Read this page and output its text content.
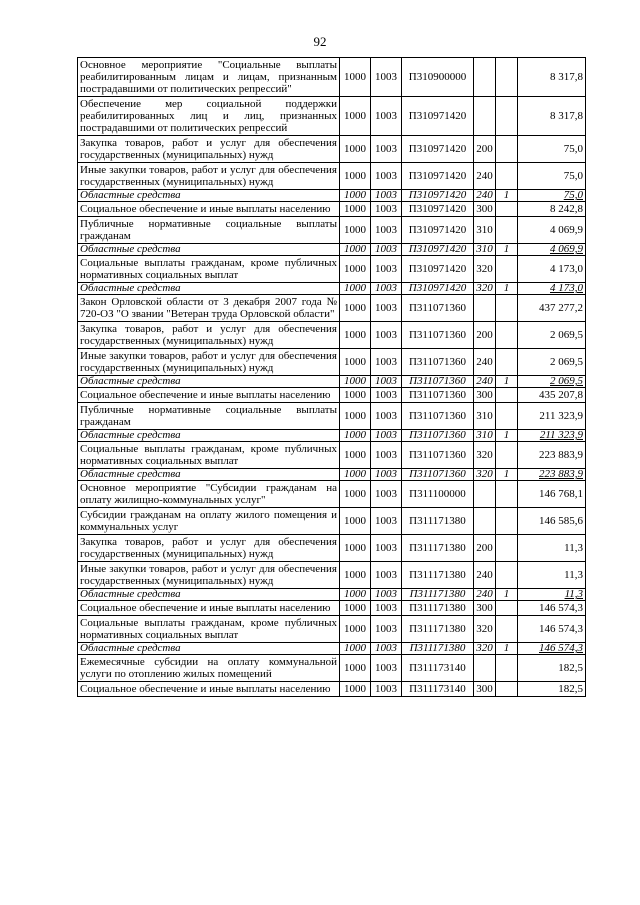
92
Основное мероприятие "Социальные выплаты реабилитированным лицам и лицам, признанным пострадавшими от политических репрессий"	1000	1003	П310900000			8 317,8
Обеспечение мер социальной поддержки реабилитированных лиц и лиц, признанных пострадавшими от политических репрессий	1000	1003	П310971420			8 317,8
Закупка товаров, работ и услуг для обеспечения государственных (муниципальных) нужд	1000	1003	П310971420	200		75,0
Иные закупки товаров, работ и услуг для обеспечения государственных (муниципальных) нужд	1000	1003	П310971420	240		75,0
Областные средства	1000	1003	П310971420	240	1	75,0
Социальное обеспечение и иные выплаты населению	1000	1003	П310971420	300		8 242,8
Публичные нормативные социальные выплаты гражданам	1000	1003	П310971420	310		4 069,9
Областные средства	1000	1003	П310971420	310	1	4 069,9
Социальные выплаты гражданам, кроме публичных нормативных социальных выплат	1000	1003	П310971420	320		4 173,0
Областные средства	1000	1003	П310971420	320	1	4 173,0
Закон Орловской области от 3 декабря 2007 года № 720-ОЗ "О звании "Ветеран труда Орловской области"	1000	1003	П311071360			437 277,2
Закупка товаров, работ и услуг для обеспечения государственных (муниципальных) нужд	1000	1003	П311071360	200		2 069,5
Иные закупки товаров, работ и услуг для обеспечения государственных (муниципальных) нужд	1000	1003	П311071360	240		2 069,5
Областные средства	1000	1003	П311071360	240	1	2 069,5
Социальное обеспечение и иные выплаты населению	1000	1003	П311071360	300		435 207,8
Публичные нормативные социальные выплаты гражданам	1000	1003	П311071360	310		211 323,9
Областные средства	1000	1003	П311071360	310	1	211 323,9
Социальные выплаты гражданам, кроме публичных нормативных социальных выплат	1000	1003	П311071360	320		223 883,9
Областные средства	1000	1003	П311071360	320	1	223 883,9
Основное мероприятие "Субсидии гражданам на оплату жилищно-коммунальных услуг"	1000	1003	П311100000			146 768,1
Субсидии гражданам на оплату жилого помещения и коммунальных услуг	1000	1003	П311171380			146 585,6
Закупка товаров, работ и услуг для обеспечения государственных (муниципальных) нужд	1000	1003	П311171380	200		11,3
Иные закупки товаров, работ и услуг для обеспечения государственных (муниципальных) нужд	1000	1003	П311171380	240		11,3
Областные средства	1000	1003	П311171380	240	1	11,3
Социальное обеспечение и иные выплаты населению	1000	1003	П311171380	300		146 574,3
Социальные выплаты гражданам, кроме публичных нормативных социальных выплат	1000	1003	П311171380	320		146 574,3
Областные средства	1000	1003	П311171380	320	1	146 574,3
Ежемесячные субсидии на оплату коммунальной услуги по отоплению жилых помещений	1000	1003	П311173140			182,5
Социальное обеспечение и иные выплаты населению	1000	1003	П311173140	300		182,5
